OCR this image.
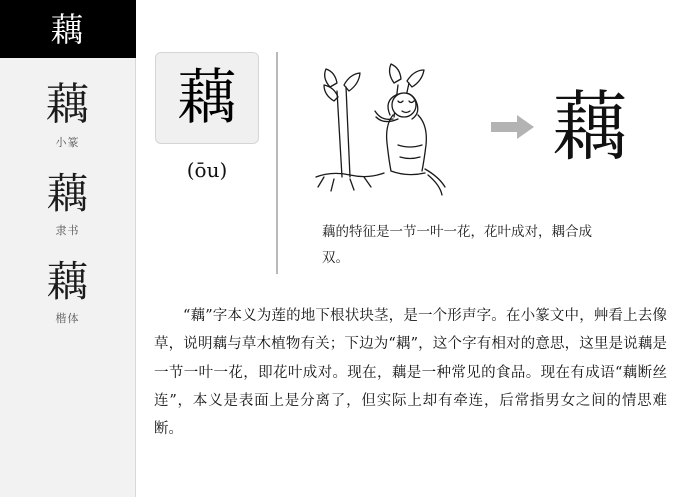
藕
藕
小篆
藕
隶书
藕
楷体
藕
(ōu)	藕
藕的特征是一节一叶一花，花叶成对，耦合成双。
“藕”字本义为莲的地下根状块茎，是一个形声字。在小篆文中，艸看上去像草，说明藕与草木植物有关；下边为“耦”，这个字有相对的意思，这里是说藕是一节一叶一花，即花叶成对。现在，藕是一种常见的食品。现在有成语“藕断丝连”，本义是表面上是分离了，但实际上却有牵连，后常指男女之间的情思难断。
